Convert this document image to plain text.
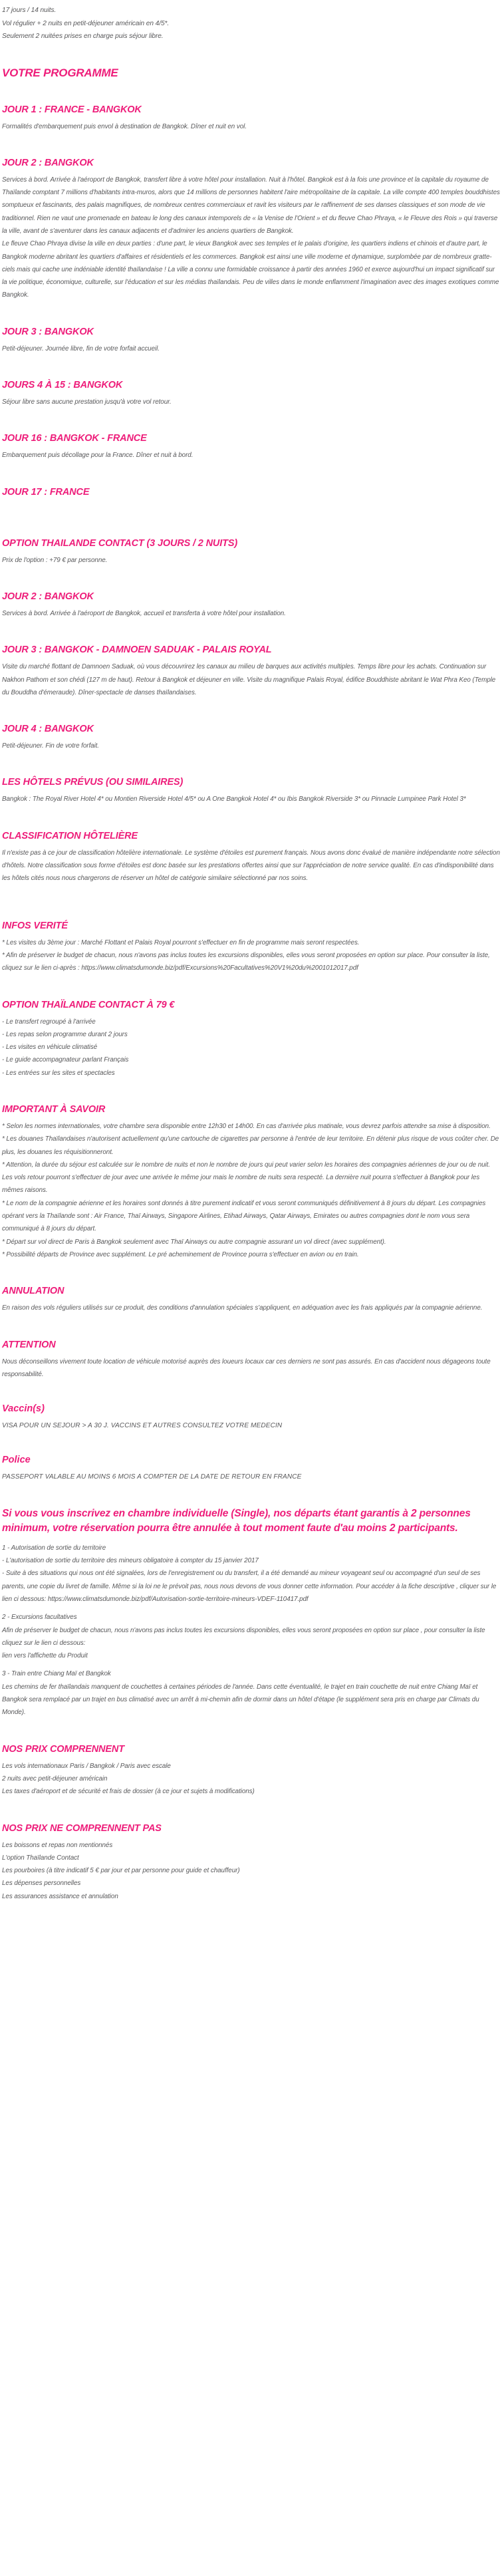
17 jours / 14 nuits.

Vol régulier + 2 nuits en petit-déjeuner américain en 4/5*.

Seulement 2 nuitées prises en charge puis séjour libre.

VOTRE PROGRAMME
JOUR 1 : FRANCE - BANGKOK

Formalités d'embarquement puis envol à destination de Bangkok. Dîner et nuit en vol.

JOUR 2 : BANGKOK

Services à bord. Arrivée à l'aéroport de Bangkok, transfert libre à votre hôtel pour installation. Nuit à l'hôtel. Bangkok est à la fois une province et la capitale du royaume de Thaïlande comptant 7 millions d'habitants intra-muros, alors que 14 millions de personnes habitent l'aire métropolitaine de la capitale. La ville compte 400 temples bouddhistes somptueux et fascinants, des palais magnifiques, de nombreux centres commerciaux et ravit les visiteurs par le raffinement de ses danses classiques et son mode de vie traditionnel. Rien ne vaut une promenade en bateau le long des canaux intemporels de « la Venise de l'Orient » et du fleuve Chao Phraya, « le Fleuve des Rois » qui traverse la ville, avant de s'aventurer dans les canaux adjacents et d'admirer les anciens quartiers de Bangkok.

Le fleuve Chao Phraya divise la ville en deux parties : d'une part, le vieux Bangkok avec ses temples et le palais d'origine, les quartiers indiens et chinois et d'autre part, le Bangkok moderne abritant les quartiers d'affaires et résidentiels et les commerces. Bangkok est ainsi une ville moderne et dynamique, surplombée par de nombreux gratte-ciels mais qui cache une indéniable identité thaïlandaise ! La ville a connu une formidable croissance à partir des années 1960 et exerce aujourd'hui un impact significatif sur la vie politique, économique, culturelle, sur l'éducation et sur les médias thaïlandais. Peu de villes dans le monde enflamment l'imagination avec des images exotiques comme Bangkok.

JOUR 3 : BANGKOK

Petit-déjeuner. Journée libre, fin de votre forfait accueil.

JOURS 4 À 15 : BANGKOK

Séjour libre sans aucune prestation jusqu'à votre vol retour.

JOUR 16 : BANGKOK - FRANCE

Embarquement puis décollage pour la France. Dîner et nuit à bord.

JOUR 17 : FRANCE
OPTION THAILANDE CONTACT (3 JOURS / 2 NUITS)

Prix de l'option : +79 € par personne.

JOUR 2 : BANGKOK

Services à bord. Arrivée à l'aéroport de Bangkok, accueil et transferta à votre hôtel pour installation.

JOUR 3 : BANGKOK - DAMNOEN SADUAK - PALAIS ROYAL

Visite du marché flottant de Damnoen Saduak, où vous découvrirez les canaux au milieu de barques aux activités multiples. Temps libre pour les achats. Continuation sur Nakhon Pathom et son chédi (127 m de haut). Retour à Bangkok et déjeuner en ville. Visite du magnifique Palais Royal, édifice Bouddhiste abritant le Wat Phra Keo (Temple du Bouddha d'émeraude). Dîner-spectacle de danses thaïlandaises.

JOUR 4 : BANGKOK

Petit-déjeuner. Fin de votre forfait.

LES HÔTELS PRÉVUS (OU SIMILAIRES)

Bangkok : The Royal River Hotel 4* ou Montien Riverside Hotel 4/5* ou A One Bangkok Hotel 4* ou Ibis Bangkok Riverside 3* ou Pinnacle Lumpinee Park Hotel 3*

CLASSIFICATION HÔTELIÈRE

Il n'existe pas à ce jour de classification hôtelière internationale. Le système d'étoiles est purement français. Nous avons donc évalué de manière indépendante notre sélection d'hôtels. Notre classification sous forme d'étoiles est donc basée sur les prestations offertes ainsi que sur l'appréciation de notre service qualité. En cas d'indisponibilité dans les hôtels cités nous nous chargerons de réserver un hôtel de catégorie similaire sélectionné par nos soins.

INFOS VERITÉ

* Les visites du 3ème jour : Marché Flottant et Palais Royal pourront s'effectuer en fin de programme mais seront respectées.

* Afin de préserver le budget de chacun, nous n'avons pas inclus toutes les excursions disponibles, elles vous seront proposées en option sur place. Pour consulter la liste, cliquez sur le lien ci-après : https://www.climatsdumonde.biz/pdf/Excursions%20Facultatives%20V1%20du%2001012017.pdf

OPTION THAÏLANDE CONTACT À 79 €
- Le transfert regroupé à l'arrivée
- Les repas selon programme durant 2 jours
- Les visites en véhicule climatisé
- Le guide accompagnateur parlant Français
- Les entrées sur les sites et spectacles
IMPORTANT À SAVOIR

* Selon les normes internationales, votre chambre sera disponible entre 12h30 et 14h00. En cas d'arrivée plus matinale, vous devrez parfois attendre sa mise à disposition.

* Les douanes Thaïlandaises n'autorisent actuellement qu'une cartouche de cigarettes par personne à l'entrée de leur territoire. En détenir plus risque de vous coûter cher. De plus, les douanes les réquisitionneront.

* Attention, la durée du séjour est calculée sur le nombre de nuits et non le nombre de jours qui peut varier selon les horaires des compagnies aériennes de jour ou de nuit. Les vols retour pourront s'effectuer de jour avec une arrivée le même jour mais le nombre de nuits sera respecté. La dernière nuit pourra s'effectuer à Bangkok pour les mêmes raisons.

* Le nom de la compagnie aérienne et les horaires sont donnés à titre purement indicatif et vous seront communiqués définitivement à 8 jours du départ. Les compagnies opérant vers la Thaïlande sont : Air France, Thaï Airways, Singapore Airlines, Etihad Airways, Qatar Airways, Emirates ou autres compagnies dont le nom vous sera communiqué à 8 jours du départ.

* Départ sur vol direct de Paris à Bangkok seulement avec Thaï Airways ou autre compagnie assurant un vol direct (avec supplément).

* Possibilité départs de Province avec supplément. Le pré acheminement de Province pourra s'effectuer en avion ou en train.

ANNULATION

En raison des vols réguliers utilisés sur ce produit, des conditions d'annulation spéciales s'appliquent, en adéquation avec les frais appliqués par la compagnie aérienne.

ATTENTION

Nous déconseillons vivement toute location de véhicule motorisé auprès des loueurs locaux car ces derniers ne sont pas assurés. En cas d'accident nous dégageons toute responsabilité.

Vaccin(s)

VISA POUR UN SEJOUR > A 30 J. VACCINS ET AUTRES CONSULTEZ VOTRE MEDECIN

Police

PASSEPORT VALABLE AU MOINS 6 MOIS A COMPTER DE LA DATE DE RETOUR EN FRANCE

Si vous vous inscrivez en chambre individuelle (Single), nos départs étant garantis à 2 personnes minimum, votre réservation pourra être annulée à tout moment faute d'au moins 2 participants.

1 - Autorisation de sortie du territoire

- L'autorisation de sortie du territoire des mineurs obligatoire à compter du 15 janvier 2017

- Suite à des situations qui nous ont été signalées, lors de l'enregistrement ou du transfert, il a été demandé au mineur voyageant seul ou accompagné d'un seul de ses parents, une copie du livret de famille. Même si la loi ne le prévoit pas, nous nous devons de vous donner cette information. Pour accéder à la fiche descriptive , cliquer sur le lien ci dessous: https://www.climatsdumonde.biz/pdf/Autorisation-sortie-territoire-mineurs-VDEF-110417.pdf

2 - Excursions facultatives

Afin de préserver le budget de chacun, nous n'avons pas inclus toutes les excursions disponibles, elles vous seront proposées en option sur place , pour consulter la liste cliquez sur le lien ci dessous:

lien vers l'affichette du Produit

3 - Train entre Chiang Maï et Bangkok

Les chemins de fer thaïlandais manquent de couchettes à certaines périodes de l'année. Dans cette éventualité, le trajet en train couchette de nuit entre Chiang Maï et Bangkok sera remplacé par un trajet en bus climatisé avec un arrêt à mi-chemin afin de dormir dans un hôtel d'étape (le supplément sera pris en charge par Climats du Monde).

NOS PRIX COMPRENNENT
Les vols internationaux Paris / Bangkok / Paris avec escale
2 nuits avec petit-déjeuner américain
Les taxes d'aéroport et de sécurité et frais de dossier (à ce jour et sujets à modifications)
NOS PRIX NE COMPRENNENT PAS
Les boissons et repas non mentionnés
L'option Thaïlande Contact
Les pourboires (à titre indicatif 5 € par jour et par personne pour guide et chauffeur)
Les dépenses personnelles
Les assurances assistance et annulation
